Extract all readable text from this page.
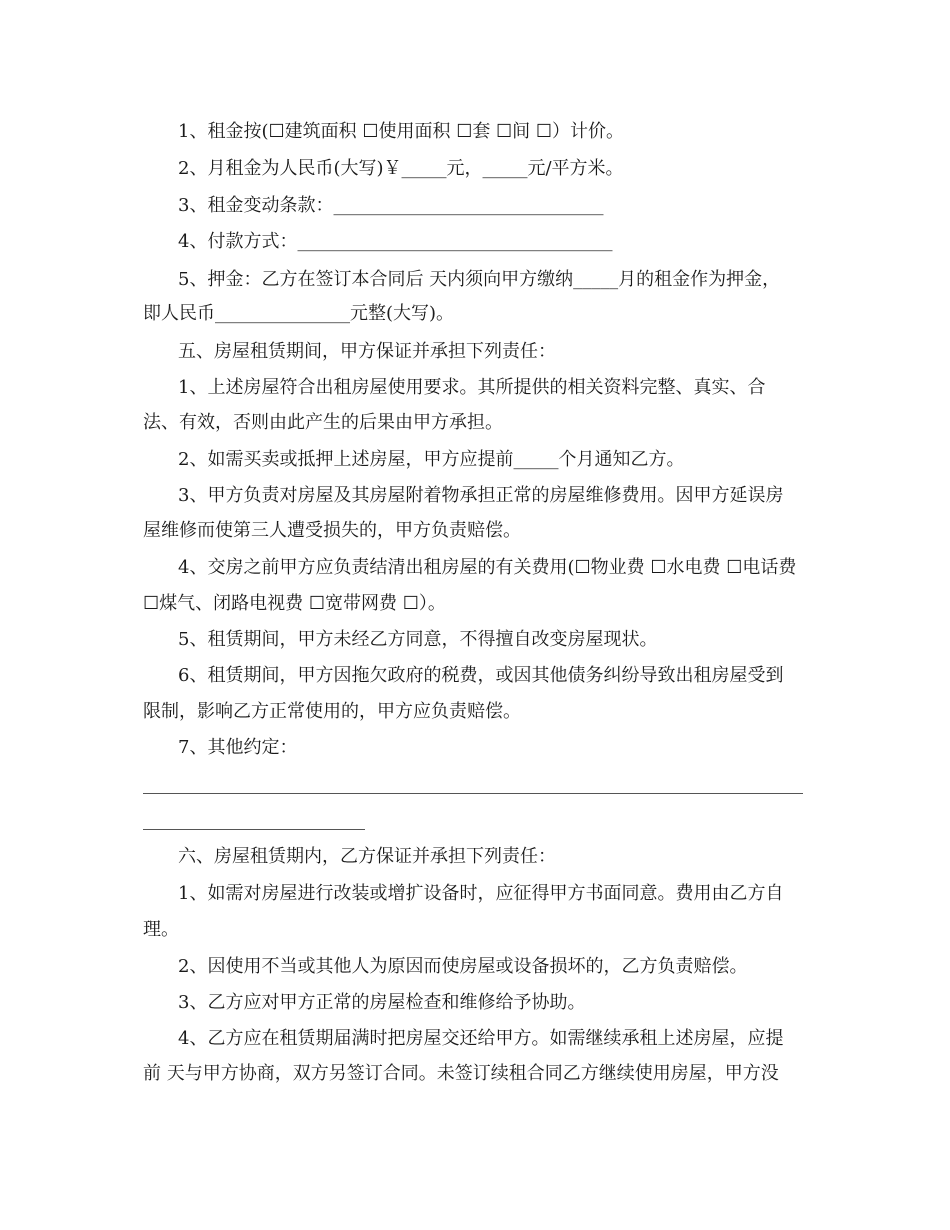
1、租金按(☐建筑面积 ☐使用面积 ☐套 ☐间 ☐）计价。
2、月租金为人民币(大写)￥_____元，_____元/平方米。
3、租金变动条款：______________________________
4、付款方式：___________________________________
5、押金：乙方在签订本合同后 天内须向甲方缴纳_____月的租金作为押金，
即人民币_______________元整(大写)。
五、房屋租赁期间，甲方保证并承担下列责任：
1、上述房屋符合出租房屋使用要求。其所提供的相关资料完整、真实、合
法、有效，否则由此产生的后果由甲方承担。
2、如需买卖或抵押上述房屋，甲方应提前_____个月通知乙方。
3、甲方负责对房屋及其房屋附着物承担正常的房屋维修费用。因甲方延误房
屋维修而使第三人遭受损失的，甲方负责赔偿。
4、交房之前甲方应负责结清出租房屋的有关费用(☐物业费 ☐水电费 ☐电话费
☐煤气、闭路电视费 ☐宽带网费 ☐）。
5、租赁期间，甲方未经乙方同意，不得擅自改变房屋现状。
6、租赁期间，甲方因拖欠政府的税费，或因其他债务纠纷导致出租房屋受到
限制，影响乙方正常使用的，甲方应负责赔偿。
7、其他约定：
六、房屋租赁期内，乙方保证并承担下列责任：
1、如需对房屋进行改装或增扩设备时，应征得甲方书面同意。费用由乙方自
理。
2、因使用不当或其他人为原因而使房屋或设备损坏的，乙方负责赔偿。
3、乙方应对甲方正常的房屋检查和维修给予协助。
4、乙方应在租赁期届满时把房屋交还给甲方。如需继续承租上述房屋，应提
前 天与甲方协商，双方另签订合同。未签订续租合同乙方继续使用房屋，甲方没
